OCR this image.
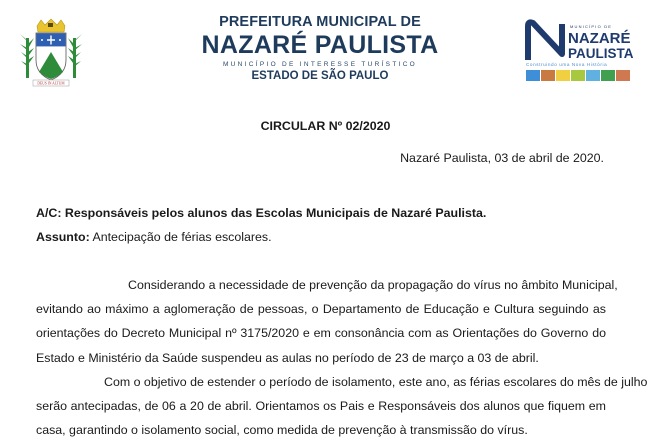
DEUS IN ALTUM
PREFEITURA MUNICIPAL DE
NAZARÉ PAULISTA
MUNICÍPIO DE INTERESSE TURÍSTICO
ESTADO DE SÃO PAULO
MUNICÍPIO DE
NAZARÉ
PAULISTA
Construindo uma Nova História
CIRCULAR Nº 02/2020
Nazaré Paulista, 03 de abril de 2020.
A/C: Responsáveis pelos alunos das Escolas Municipais de Nazaré Paulista.
Assunto: Antecipação de férias escolares.
Considerando a necessidade de prevenção da propagação do vírus no âmbito Municipal,
evitando ao máximo a aglomeração de pessoas, o Departamento de Educação e Cultura seguindo as
orientações do Decreto Municipal nº 3175/2020 e em consonância com as Orientações do Governo do
Estado e Ministério da Saúde suspendeu as aulas no período de 23 de março a 03 de abril.
Com o objetivo de estender o período de isolamento, este ano, as férias escolares do mês de julho
serão antecipadas, de 06 a 20 de abril. Orientamos os Pais e Responsáveis dos alunos que fiquem em
casa, garantindo o isolamento social, como medida de prevenção à transmissão do vírus.
